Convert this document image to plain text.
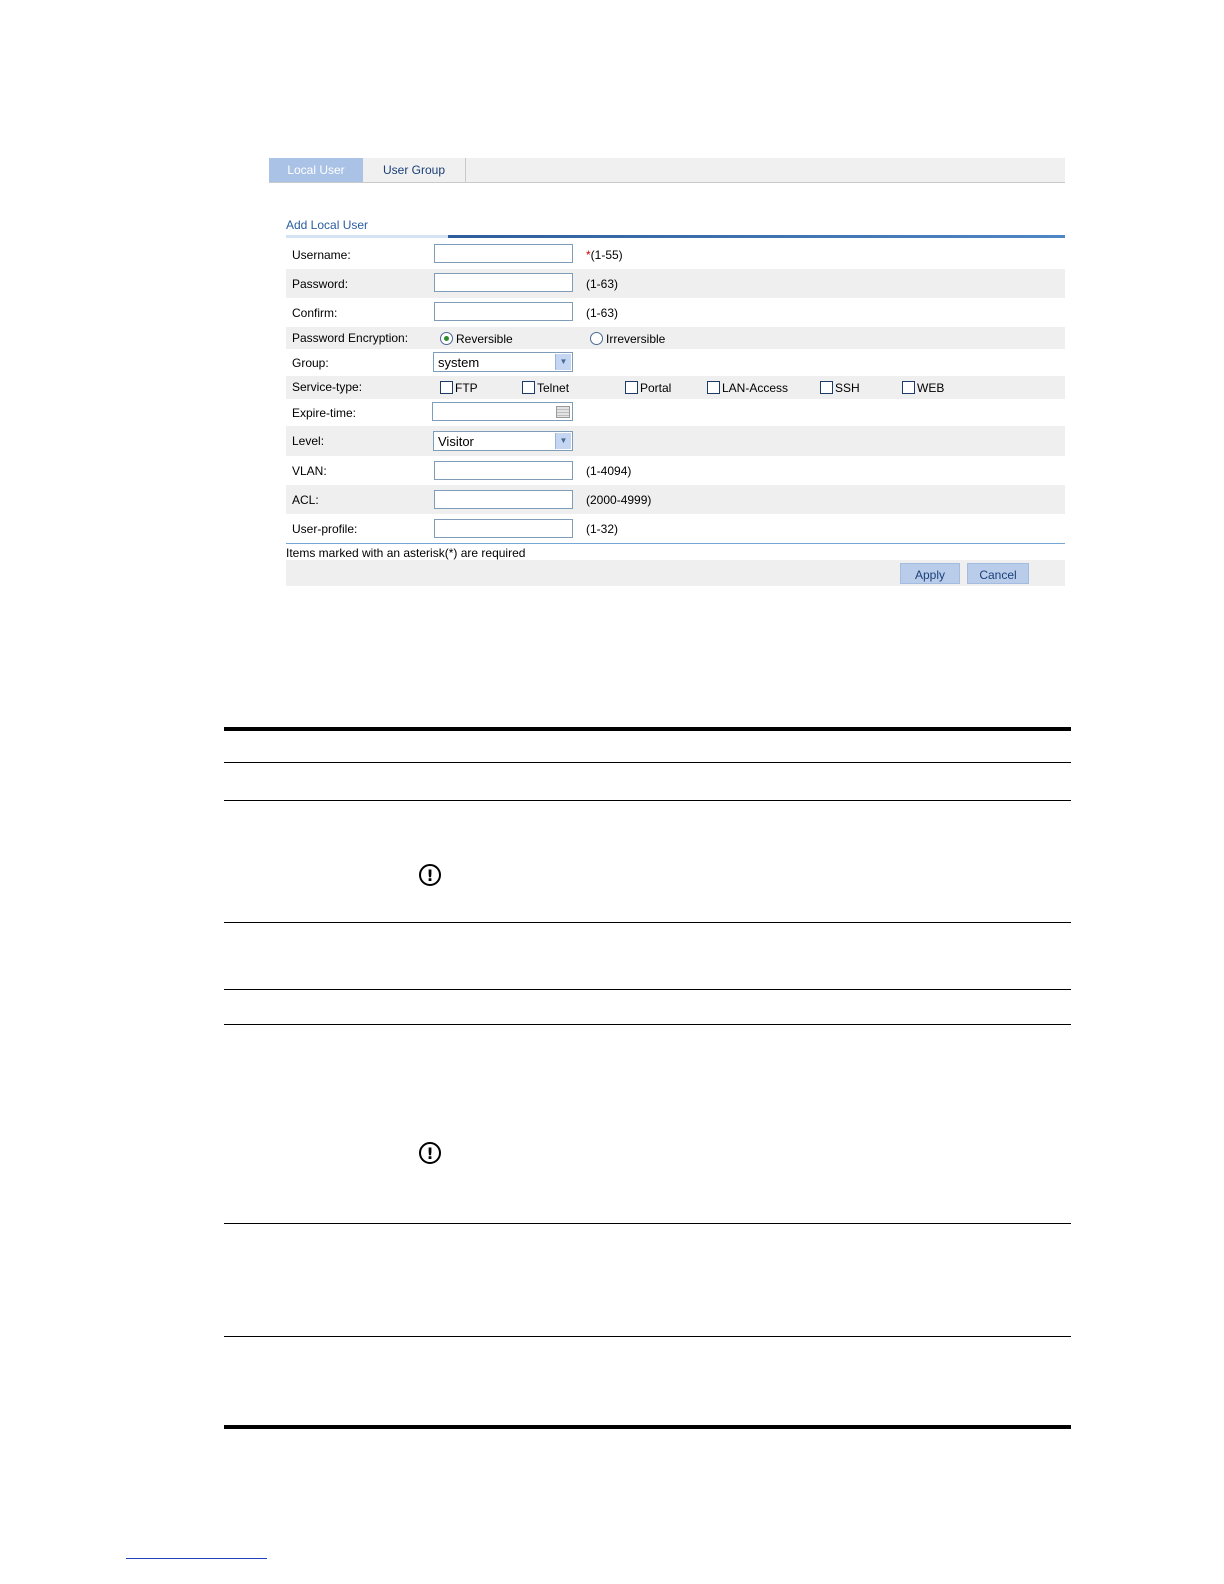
Local User	User Group
Add Local User
Username:	*(1-55)
Password:	(1-63)
Confirm:	(1-63)
Password Encryption:	Reversible	Irreversible
Group:	system	▼
Service-type:	FTP	Telnet	Portal	LAN-Access	SSH	WEB
Expire-time:
Level:	Visitor	▼
VLAN:	(1-4094)
ACL:	(2000-4999)
User-profile:	(1-32)
Items marked with an asterisk(*) are required
Apply	Cancel
!
!
